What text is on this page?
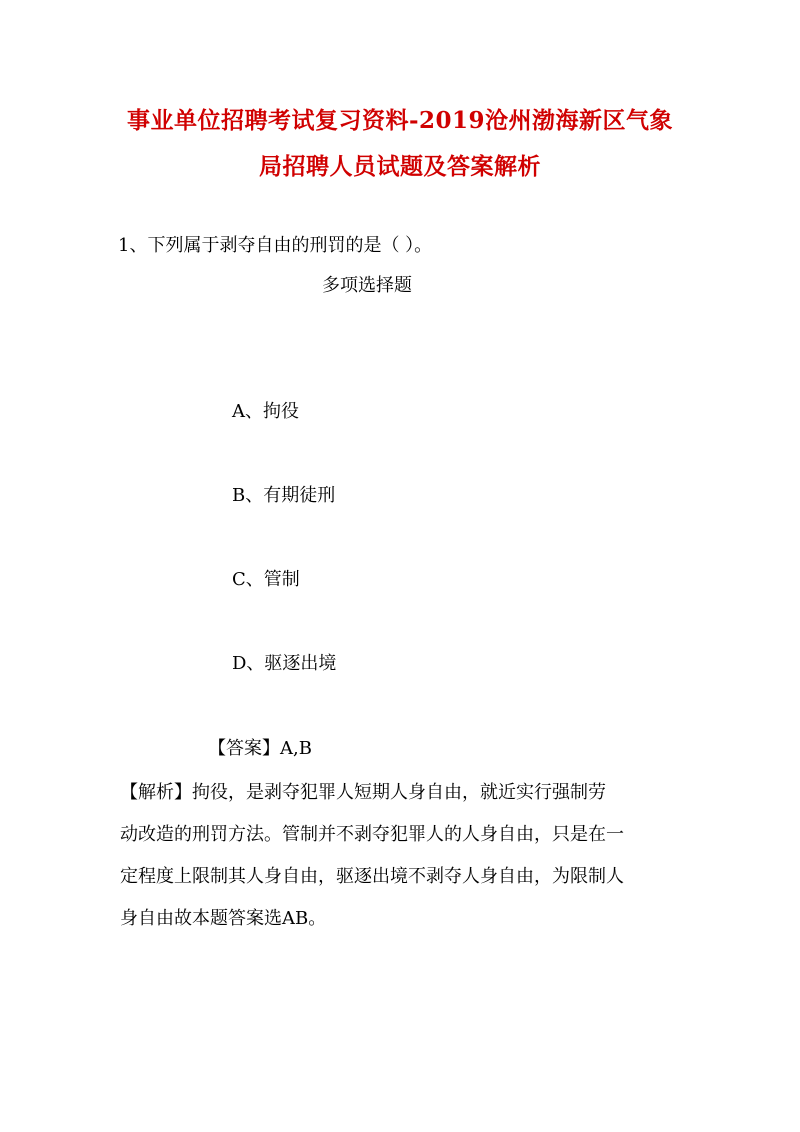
事业单位招聘考试复习资料-2019沧州渤海新区气象
局招聘人员试题及答案解析
1、下列属于剥夺自由的刑罚的是（ ）。
多项选择题
A、拘役
B、有期徒刑
C、管制
D、驱逐出境
【答案】A,B
【解析】拘役，是剥夺犯罪人短期人身自由，就近实行强制劳
动改造的刑罚方法。管制并不剥夺犯罪人的人身自由，只是在一
定程度上限制其人身自由，驱逐出境不剥夺人身自由，为限制人
身自由故本题答案选AB。
